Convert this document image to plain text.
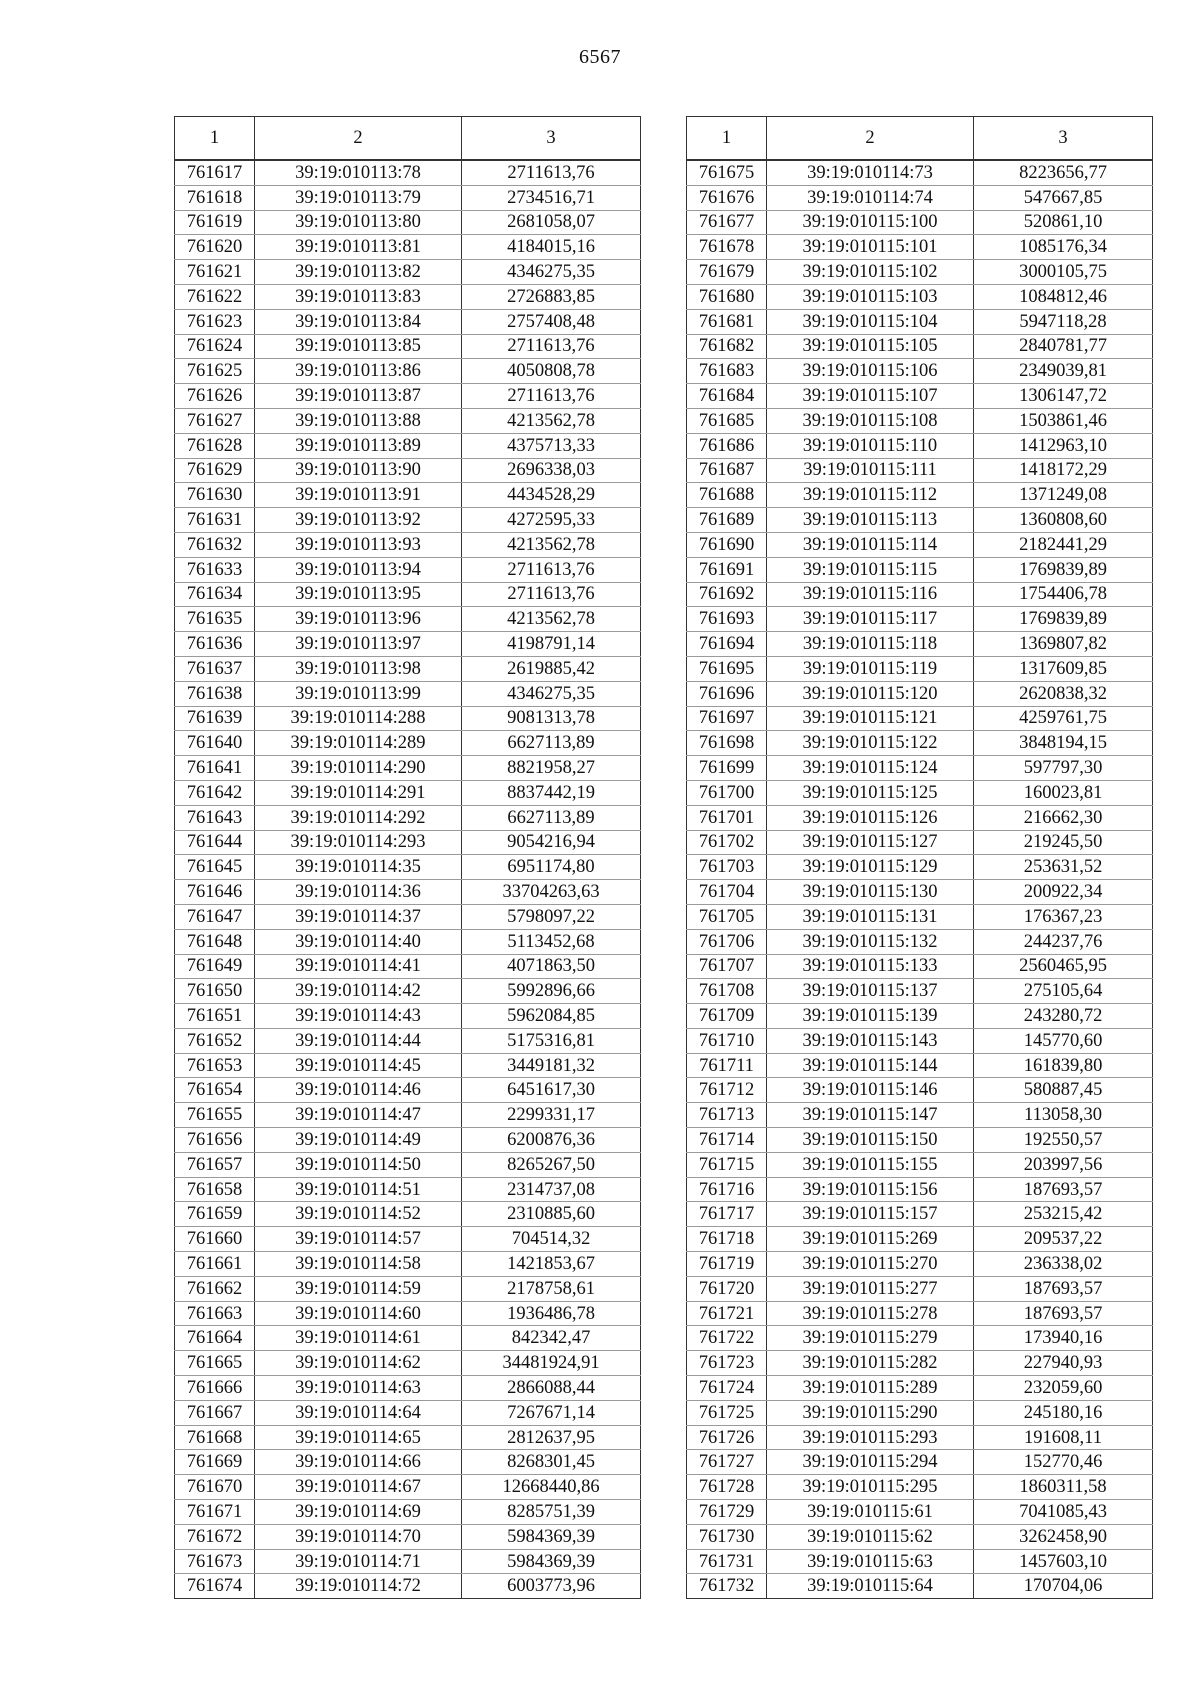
6567
1	2	3
761617	39:19:010113:78	2711613,76
761618	39:19:010113:79	2734516,71
761619	39:19:010113:80	2681058,07
761620	39:19:010113:81	4184015,16
761621	39:19:010113:82	4346275,35
761622	39:19:010113:83	2726883,85
761623	39:19:010113:84	2757408,48
761624	39:19:010113:85	2711613,76
761625	39:19:010113:86	4050808,78
761626	39:19:010113:87	2711613,76
761627	39:19:010113:88	4213562,78
761628	39:19:010113:89	4375713,33
761629	39:19:010113:90	2696338,03
761630	39:19:010113:91	4434528,29
761631	39:19:010113:92	4272595,33
761632	39:19:010113:93	4213562,78
761633	39:19:010113:94	2711613,76
761634	39:19:010113:95	2711613,76
761635	39:19:010113:96	4213562,78
761636	39:19:010113:97	4198791,14
761637	39:19:010113:98	2619885,42
761638	39:19:010113:99	4346275,35
761639	39:19:010114:288	9081313,78
761640	39:19:010114:289	6627113,89
761641	39:19:010114:290	8821958,27
761642	39:19:010114:291	8837442,19
761643	39:19:010114:292	6627113,89
761644	39:19:010114:293	9054216,94
761645	39:19:010114:35	6951174,80
761646	39:19:010114:36	33704263,63
761647	39:19:010114:37	5798097,22
761648	39:19:010114:40	5113452,68
761649	39:19:010114:41	4071863,50
761650	39:19:010114:42	5992896,66
761651	39:19:010114:43	5962084,85
761652	39:19:010114:44	5175316,81
761653	39:19:010114:45	3449181,32
761654	39:19:010114:46	6451617,30
761655	39:19:010114:47	2299331,17
761656	39:19:010114:49	6200876,36
761657	39:19:010114:50	8265267,50
761658	39:19:010114:51	2314737,08
761659	39:19:010114:52	2310885,60
761660	39:19:010114:57	704514,32
761661	39:19:010114:58	1421853,67
761662	39:19:010114:59	2178758,61
761663	39:19:010114:60	1936486,78
761664	39:19:010114:61	842342,47
761665	39:19:010114:62	34481924,91
761666	39:19:010114:63	2866088,44
761667	39:19:010114:64	7267671,14
761668	39:19:010114:65	2812637,95
761669	39:19:010114:66	8268301,45
761670	39:19:010114:67	12668440,86
761671	39:19:010114:69	8285751,39
761672	39:19:010114:70	5984369,39
761673	39:19:010114:71	5984369,39
761674	39:19:010114:72	6003773,96
1	2	3
761675	39:19:010114:73	8223656,77
761676	39:19:010114:74	547667,85
761677	39:19:010115:100	520861,10
761678	39:19:010115:101	1085176,34
761679	39:19:010115:102	3000105,75
761680	39:19:010115:103	1084812,46
761681	39:19:010115:104	5947118,28
761682	39:19:010115:105	2840781,77
761683	39:19:010115:106	2349039,81
761684	39:19:010115:107	1306147,72
761685	39:19:010115:108	1503861,46
761686	39:19:010115:110	1412963,10
761687	39:19:010115:111	1418172,29
761688	39:19:010115:112	1371249,08
761689	39:19:010115:113	1360808,60
761690	39:19:010115:114	2182441,29
761691	39:19:010115:115	1769839,89
761692	39:19:010115:116	1754406,78
761693	39:19:010115:117	1769839,89
761694	39:19:010115:118	1369807,82
761695	39:19:010115:119	1317609,85
761696	39:19:010115:120	2620838,32
761697	39:19:010115:121	4259761,75
761698	39:19:010115:122	3848194,15
761699	39:19:010115:124	597797,30
761700	39:19:010115:125	160023,81
761701	39:19:010115:126	216662,30
761702	39:19:010115:127	219245,50
761703	39:19:010115:129	253631,52
761704	39:19:010115:130	200922,34
761705	39:19:010115:131	176367,23
761706	39:19:010115:132	244237,76
761707	39:19:010115:133	2560465,95
761708	39:19:010115:137	275105,64
761709	39:19:010115:139	243280,72
761710	39:19:010115:143	145770,60
761711	39:19:010115:144	161839,80
761712	39:19:010115:146	580887,45
761713	39:19:010115:147	113058,30
761714	39:19:010115:150	192550,57
761715	39:19:010115:155	203997,56
761716	39:19:010115:156	187693,57
761717	39:19:010115:157	253215,42
761718	39:19:010115:269	209537,22
761719	39:19:010115:270	236338,02
761720	39:19:010115:277	187693,57
761721	39:19:010115:278	187693,57
761722	39:19:010115:279	173940,16
761723	39:19:010115:282	227940,93
761724	39:19:010115:289	232059,60
761725	39:19:010115:290	245180,16
761726	39:19:010115:293	191608,11
761727	39:19:010115:294	152770,46
761728	39:19:010115:295	1860311,58
761729	39:19:010115:61	7041085,43
761730	39:19:010115:62	3262458,90
761731	39:19:010115:63	1457603,10
761732	39:19:010115:64	170704,06
